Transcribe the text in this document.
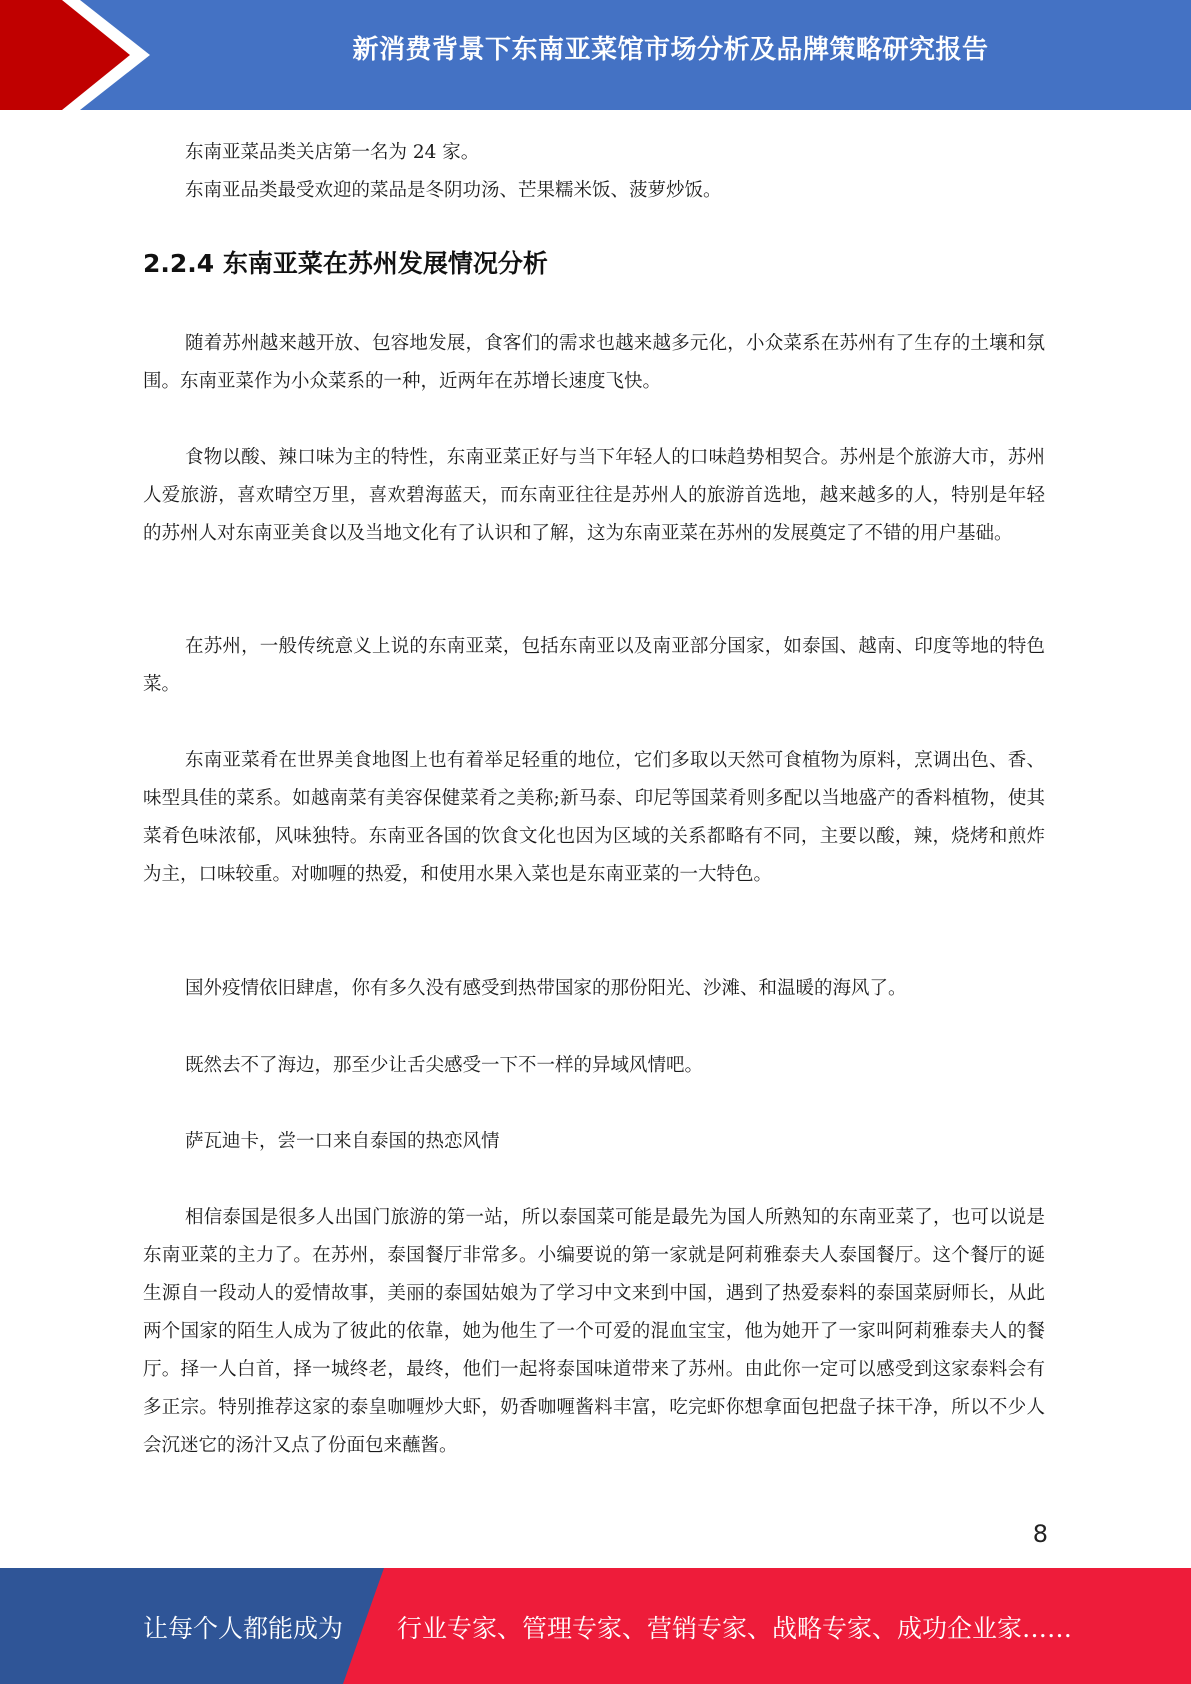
新消费背景下东南亚菜馆市场分析及品牌策略研究报告
东南亚菜品类关店第一名为 24 家。
东南亚品类最受欢迎的菜品是冬阴功汤、芒果糯米饭、菠萝炒饭。
2.2.4 东南亚菜在苏州发展情况分析
随着苏州越来越开放、包容地发展，食客们的需求也越来越多元化，小众菜系在苏州有了生存的土壤和氛围。东南亚菜作为小众菜系的一种，近两年在苏增长速度飞快。
食物以酸、辣口味为主的特性，东南亚菜正好与当下年轻人的口味趋势相契合。苏州是个旅游大市，苏州人爱旅游，喜欢晴空万里，喜欢碧海蓝天，而东南亚往往是苏州人的旅游首选地，越来越多的人，特别是年轻的苏州人对东南亚美食以及当地文化有了认识和了解，这为东南亚菜在苏州的发展奠定了不错的用户基础。
在苏州，一般传统意义上说的东南亚菜，包括东南亚以及南亚部分国家，如泰国、越南、印度等地的特色菜。
东南亚菜肴在世界美食地图上也有着举足轻重的地位，它们多取以天然可食植物为原料，烹调出色、香、味型具佳的菜系。如越南菜有美容保健菜肴之美称;新马泰、印尼等国菜肴则多配以当地盛产的香料植物，使其菜肴色味浓郁，风味独特。东南亚各国的饮食文化也因为区域的关系都略有不同，主要以酸，辣，烧烤和煎炸为主，口味较重。对咖喱的热爱，和使用水果入菜也是东南亚菜的一大特色。
国外疫情依旧肆虐，你有多久没有感受到热带国家的那份阳光、沙滩、和温暖的海风了。
既然去不了海边，那至少让舌尖感受一下不一样的异域风情吧。
萨瓦迪卡，尝一口来自泰国的热恋风情
相信泰国是很多人出国门旅游的第一站，所以泰国菜可能是最先为国人所熟知的东南亚菜了，也可以说是东南亚菜的主力了。在苏州，泰国餐厅非常多。小编要说的第一家就是阿莉雅泰夫人泰国餐厅。这个餐厅的诞生源自一段动人的爱情故事，美丽的泰国姑娘为了学习中文来到中国，遇到了热爱泰料的泰国菜厨师长，从此两个国家的陌生人成为了彼此的依靠，她为他生了一个可爱的混血宝宝，他为她开了一家叫阿莉雅泰夫人的餐厅。择一人白首，择一城终老，最终，他们一起将泰国味道带来了苏州。由此你一定可以感受到这家泰料会有多正宗。特别推荐这家的泰皇咖喱炒大虾，奶香咖喱酱料丰富，吃完虾你想拿面包把盘子抹干净，所以不少人会沉迷它的汤汁又点了份面包来蘸酱。
8
让每个人都能成为 行业专家、管理专家、营销专家、战略专家、成功企业家……
